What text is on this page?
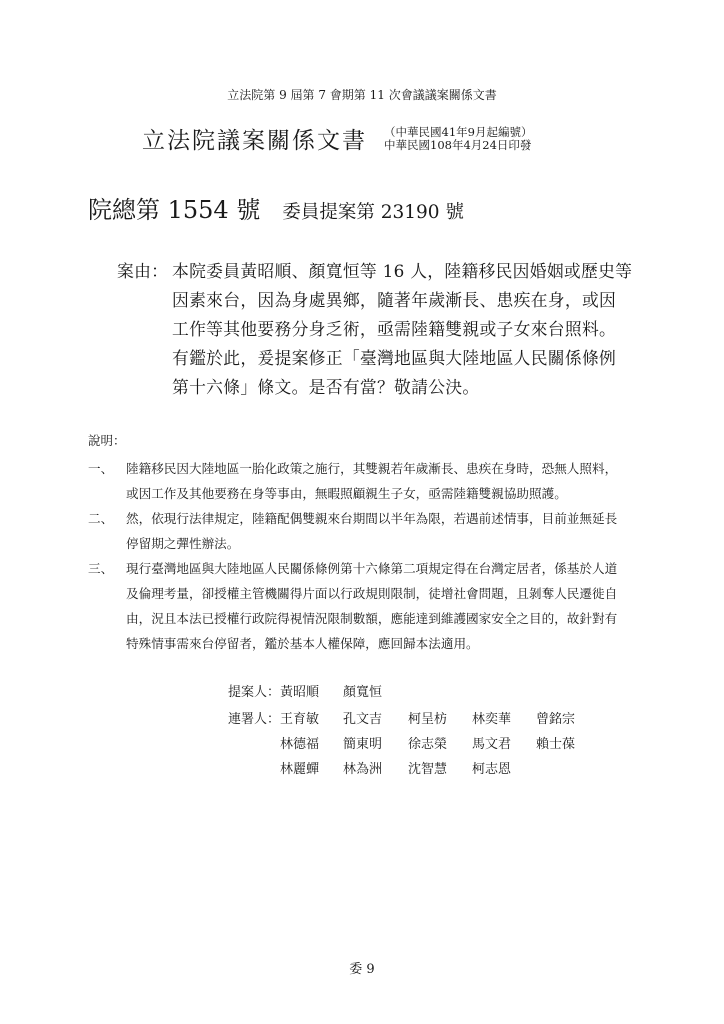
立法院第 9 屆第 7 會期第 11 次會議議案關係文書
立法院議案關係文書 （中華民國41年9月起編號）
中華民國108年4月24日印發
院總第 1554 號 委員提案第 23190 號
案由： 本院委員黃昭順、顏寬恒等 16 人，陸籍移民因婚姻或歷史等
因素來台，因為身處異鄉，隨著年歲漸長、患疾在身，或因
工作等其他要務分身乏術，亟需陸籍雙親或子女來台照料。
有鑑於此，爰提案修正「臺灣地區與大陸地區人民關係條例
第十六條」條文。是否有當？敬請公決。
說明：
一、 陸籍移民因大陸地區一胎化政策之施行，其雙親若年歲漸長、患疾在身時，恐無人照料，
或因工作及其他要務在身等事由，無暇照顧親生子女，亟需陸籍雙親協助照護。
二、 然，依現行法律規定，陸籍配偶雙親來台期間以半年為限，若遇前述情事，目前並無延長
停留期之彈性辦法。
三、 現行臺灣地區與大陸地區人民關係條例第十六條第二項規定得在台灣定居者，係基於人道
及倫理考量，卻授權主管機關得片面以行政規則限制，徒增社會問題，且剝奪人民遷徙自
由，況且本法已授權行政院得視情況限制數額，應能達到維護國家安全之目的，故針對有
特殊情事需來台停留者，鑑於基本人權保障，應回歸本法適用。
提案人： 黃昭順 顏寬恒
連署人： 王育敏 孔文吉 柯呈枋 林奕華 曾銘宗
林德福 簡東明 徐志榮 馬文君 賴士葆
林麗蟬 林為洲 沈智慧 柯志恩
委 9
